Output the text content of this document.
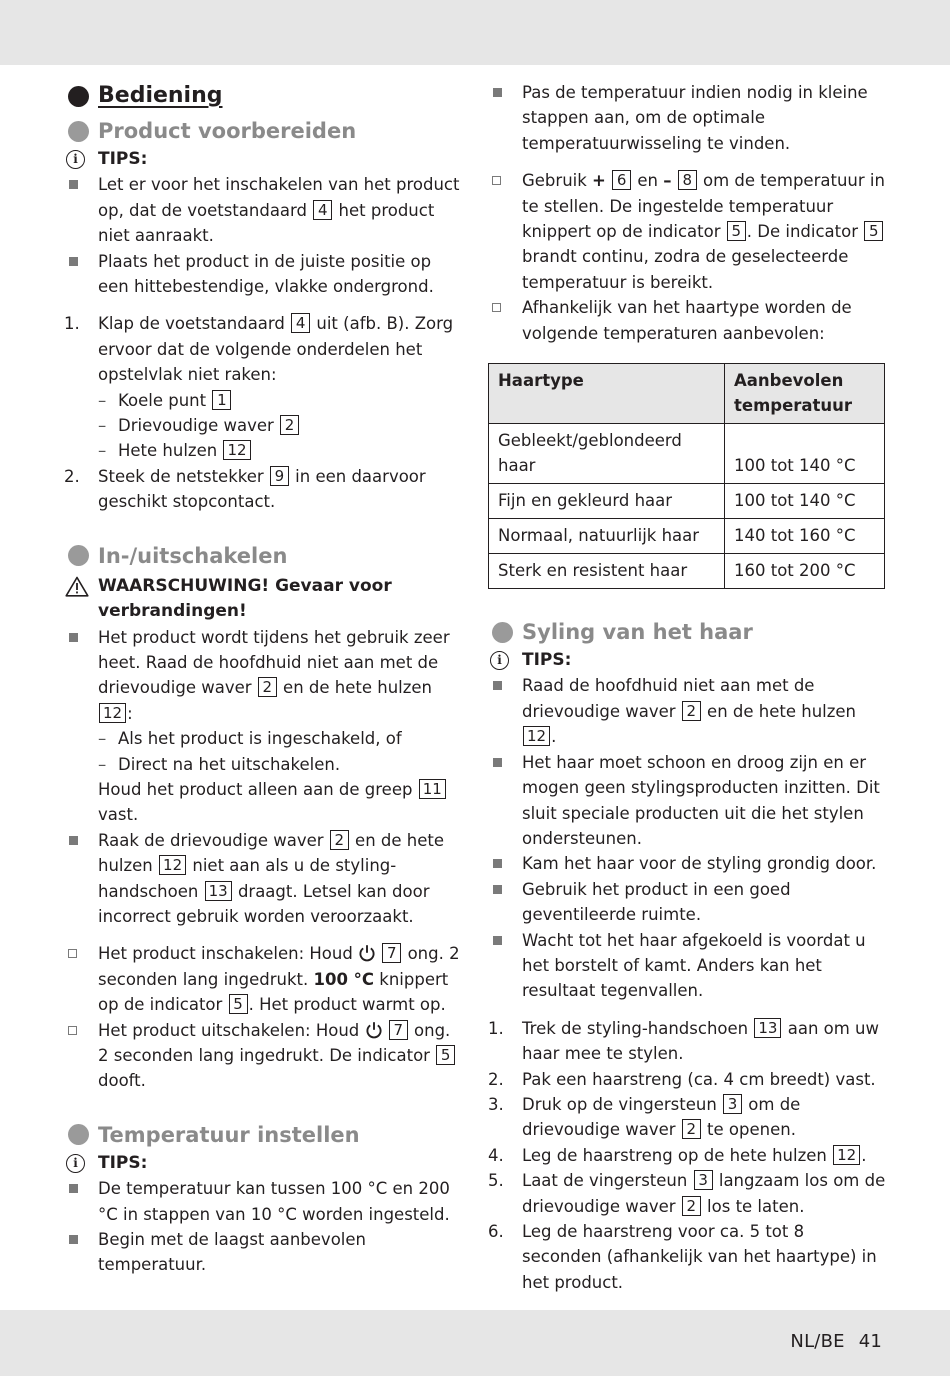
Bediening
Product voorbereiden
i	TIPS:
Let er voor het inschakelen van het product op, dat de voetstandaard 4 het product niet aanraakt.
Plaats het product in de juiste positie op een hittebestendige, vlakke ondergrond.
1.	Klap de voetstandaard 4 uit (afb. B). Zorg ervoor dat de volgende onderdelen het opstelvlak niet raken:
– Koele punt 1
– Drievoudige waver 2
– Hete hulzen 12
2.	Steek de netstekker 9 in een daarvoor geschikt stopcontact.
In-/uitschakelen
WAARSCHUWING! Gevaar voor verbrandingen!
Het product wordt tijdens het gebruik zeer heet. Raad de hoofdhuid niet aan met de drievoudige waver 2 en de hete hulzen 12 :
– Als het product is ingeschakeld, of
– Direct na het uitschakelen.
Houd het product alleen aan de greep 11 vast.
Raak de drievoudige waver 2 en de hete hulzen 12 niet aan als u de styling-handschoen 13 draagt. Letsel kan door incorrect gebruik worden veroorzaakt.
Het product inschakelen: Houd 7 ong. 2 seconden lang ingedrukt. 100 °C knippert op de indicator 5 . Het product warmt op.
Het product uitschakelen: Houd 7 ong. 2 seconden lang ingedrukt. De indicator 5 dooft.
Temperatuur instellen
i	TIPS:
De temperatuur kan tussen 100 °C en 200 °C in stappen van 10 °C worden ingesteld.
Begin met de laagst aanbevolen temperatuur.
Pas de temperatuur indien nodig in kleine stappen aan, om de optimale temperatuurwisseling te vinden.
Gebruik + 6 en – 8 om de temperatuur in te stellen. De ingestelde temperatuur knippert op de indicator 5 . De indicator 5 brandt continu, zodra de geselecteerde temperatuur is bereikt.
Afhankelijk van het haartype worden de volgende temperaturen aanbevolen:
Haartype	Aanbevolen temperatuur
Gebleekt/geblondeerd haar	100 tot 140 °C
Fijn en gekleurd haar	100 tot 140 °C
Normaal, natuurlijk haar	140 tot 160 °C
Sterk en resistent haar	160 tot 200 °C
Syling van het haar
i	TIPS:
Raad de hoofdhuid niet aan met de drievoudige waver 2 en de hete hulzen 12 .
Het haar moet schoon en droog zijn en er mogen geen stylingsproducten inzitten. Dit sluit speciale producten uit die het stylen ondersteunen.
Kam het haar voor de styling grondig door.
Gebruik het product in een goed geventileerde ruimte.
Wacht tot het haar afgekoeld is voordat u het borstelt of kamt. Anders kan het resultaat tegenvallen.
1.	Trek de styling-handschoen 13 aan om uw haar mee te stylen.
2.	Pak een haarstreng (ca. 4 cm breedt) vast.
3.	Druk op de vingersteun 3 om de drievoudige waver 2 te openen.
4.	Leg de haarstreng op de hete hulzen 12 .
5.	Laat de vingersteun 3 langzaam los om de drievoudige waver 2 los te laten.
6.	Leg de haarstreng voor ca. 5 tot 8 seconden (afhankelijk van het haartype) in het product.
NL/BE 41
